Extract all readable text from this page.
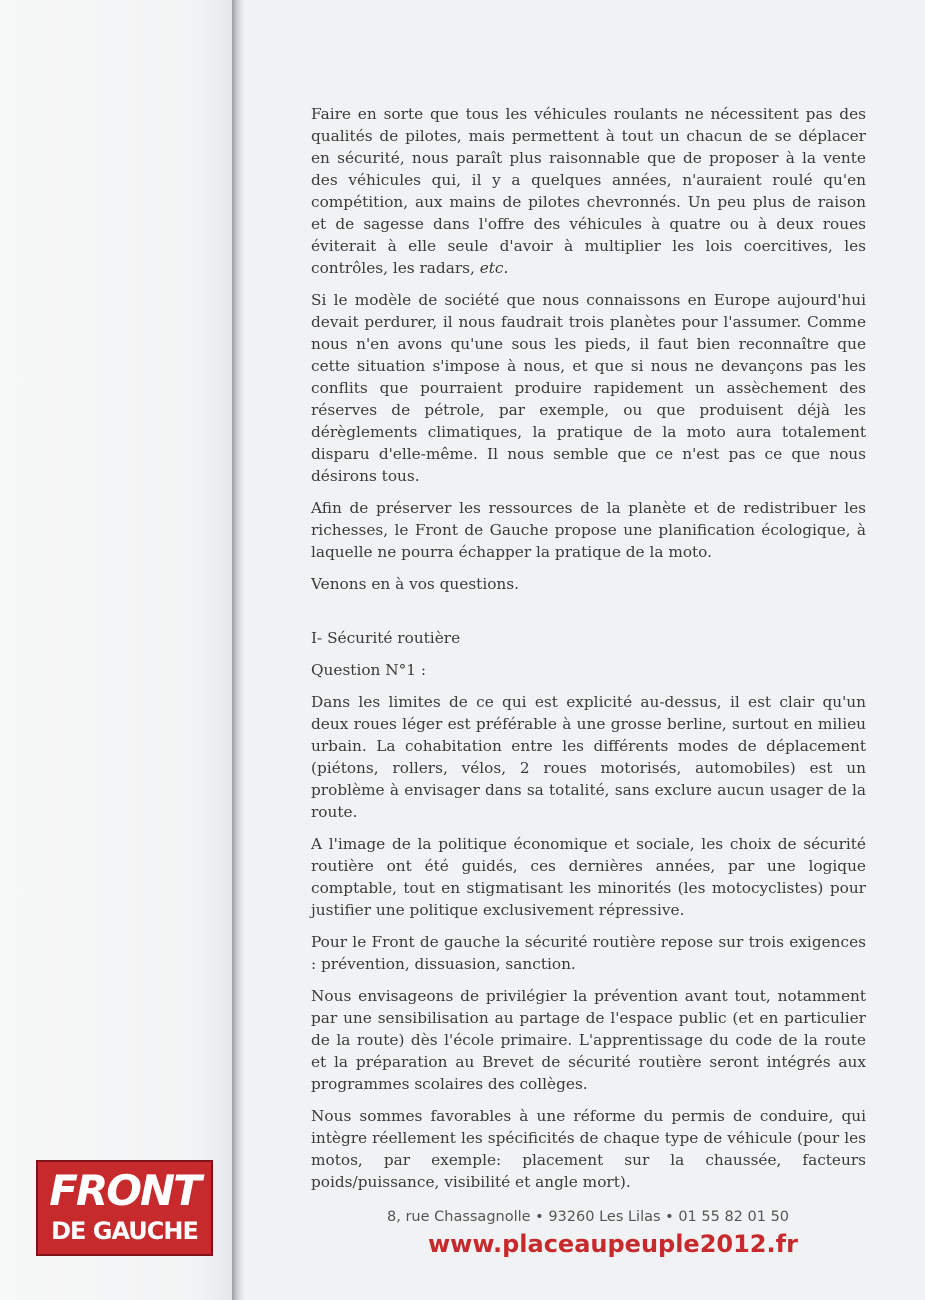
Faire en sorte que tous les véhicules roulants ne nécessitent pas des qualités de pilotes, mais permettent à tout un chacun de se déplacer en sécurité, nous paraît plus raisonnable que de proposer à la vente des véhicules qui, il y a quelques années, n'auraient roulé qu'en compétition, aux mains de pilotes chevronnés. Un peu plus de raison et de sagesse dans l'offre des véhicules à quatre ou à deux roues éviterait à elle seule d'avoir à multiplier les lois coercitives, les contrôles, les radars, etc.

Si le modèle de société que nous connaissons en Europe aujourd'hui devait perdurer, il nous faudrait trois planètes pour l'assumer. Comme nous n'en avons qu'une sous les pieds, il faut bien reconnaître que cette situation s'impose à nous, et que si nous ne devançons pas les conflits que pourraient produire rapidement un assèchement des réserves de pétrole, par exemple, ou que produisent déjà les dérèglements climatiques, la pratique de la moto aura totalement disparu d'elle-même. Il nous semble que ce n'est pas ce que nous désirons tous.

Afin de préserver les ressources de la planète et de redistribuer les richesses, le Front de Gauche propose une planification écologique, à laquelle ne pourra échapper la pratique de la moto.

Venons en à vos questions.

I- Sécurité routière

Question N°1 :

Dans les limites de ce qui est explicité au-dessus, il est clair qu'un deux roues léger est préférable à une grosse berline, surtout en milieu urbain. La cohabitation entre les différents modes de déplacement (piétons, rollers, vélos, 2 roues motorisés, automobiles) est un problème à envisager dans sa totalité, sans exclure aucun usager de la route.

A l'image de la politique économique et sociale, les choix de sécurité routière ont été guidés, ces dernières années, par une logique comptable, tout en stigmatisant les minorités (les motocyclistes) pour justifier une politique exclusivement répressive.

Pour le Front de gauche la sécurité routière repose sur trois exigences : prévention, dissuasion, sanction.

Nous envisageons de privilégier la prévention avant tout, notamment par une sensibilisation au partage de l'espace public (et en particulier de la route) dès l'école primaire. L'apprentissage du code de la route et la préparation au Brevet de sécurité routière seront intégrés aux programmes scolaires des collèges.

Nous sommes favorables à une réforme du permis de conduire, qui intègre réellement les spécificités de chaque type de véhicule (pour les motos, par exemple: placement sur la chaussée, facteurs poids/puissance, visibilité et angle mort).

FRONT
DE GAUCHE	8, rue Chassagnolle • 93260 Les Lilas • 01 55 82 01 50
www.placeaupeuple2012.fr
